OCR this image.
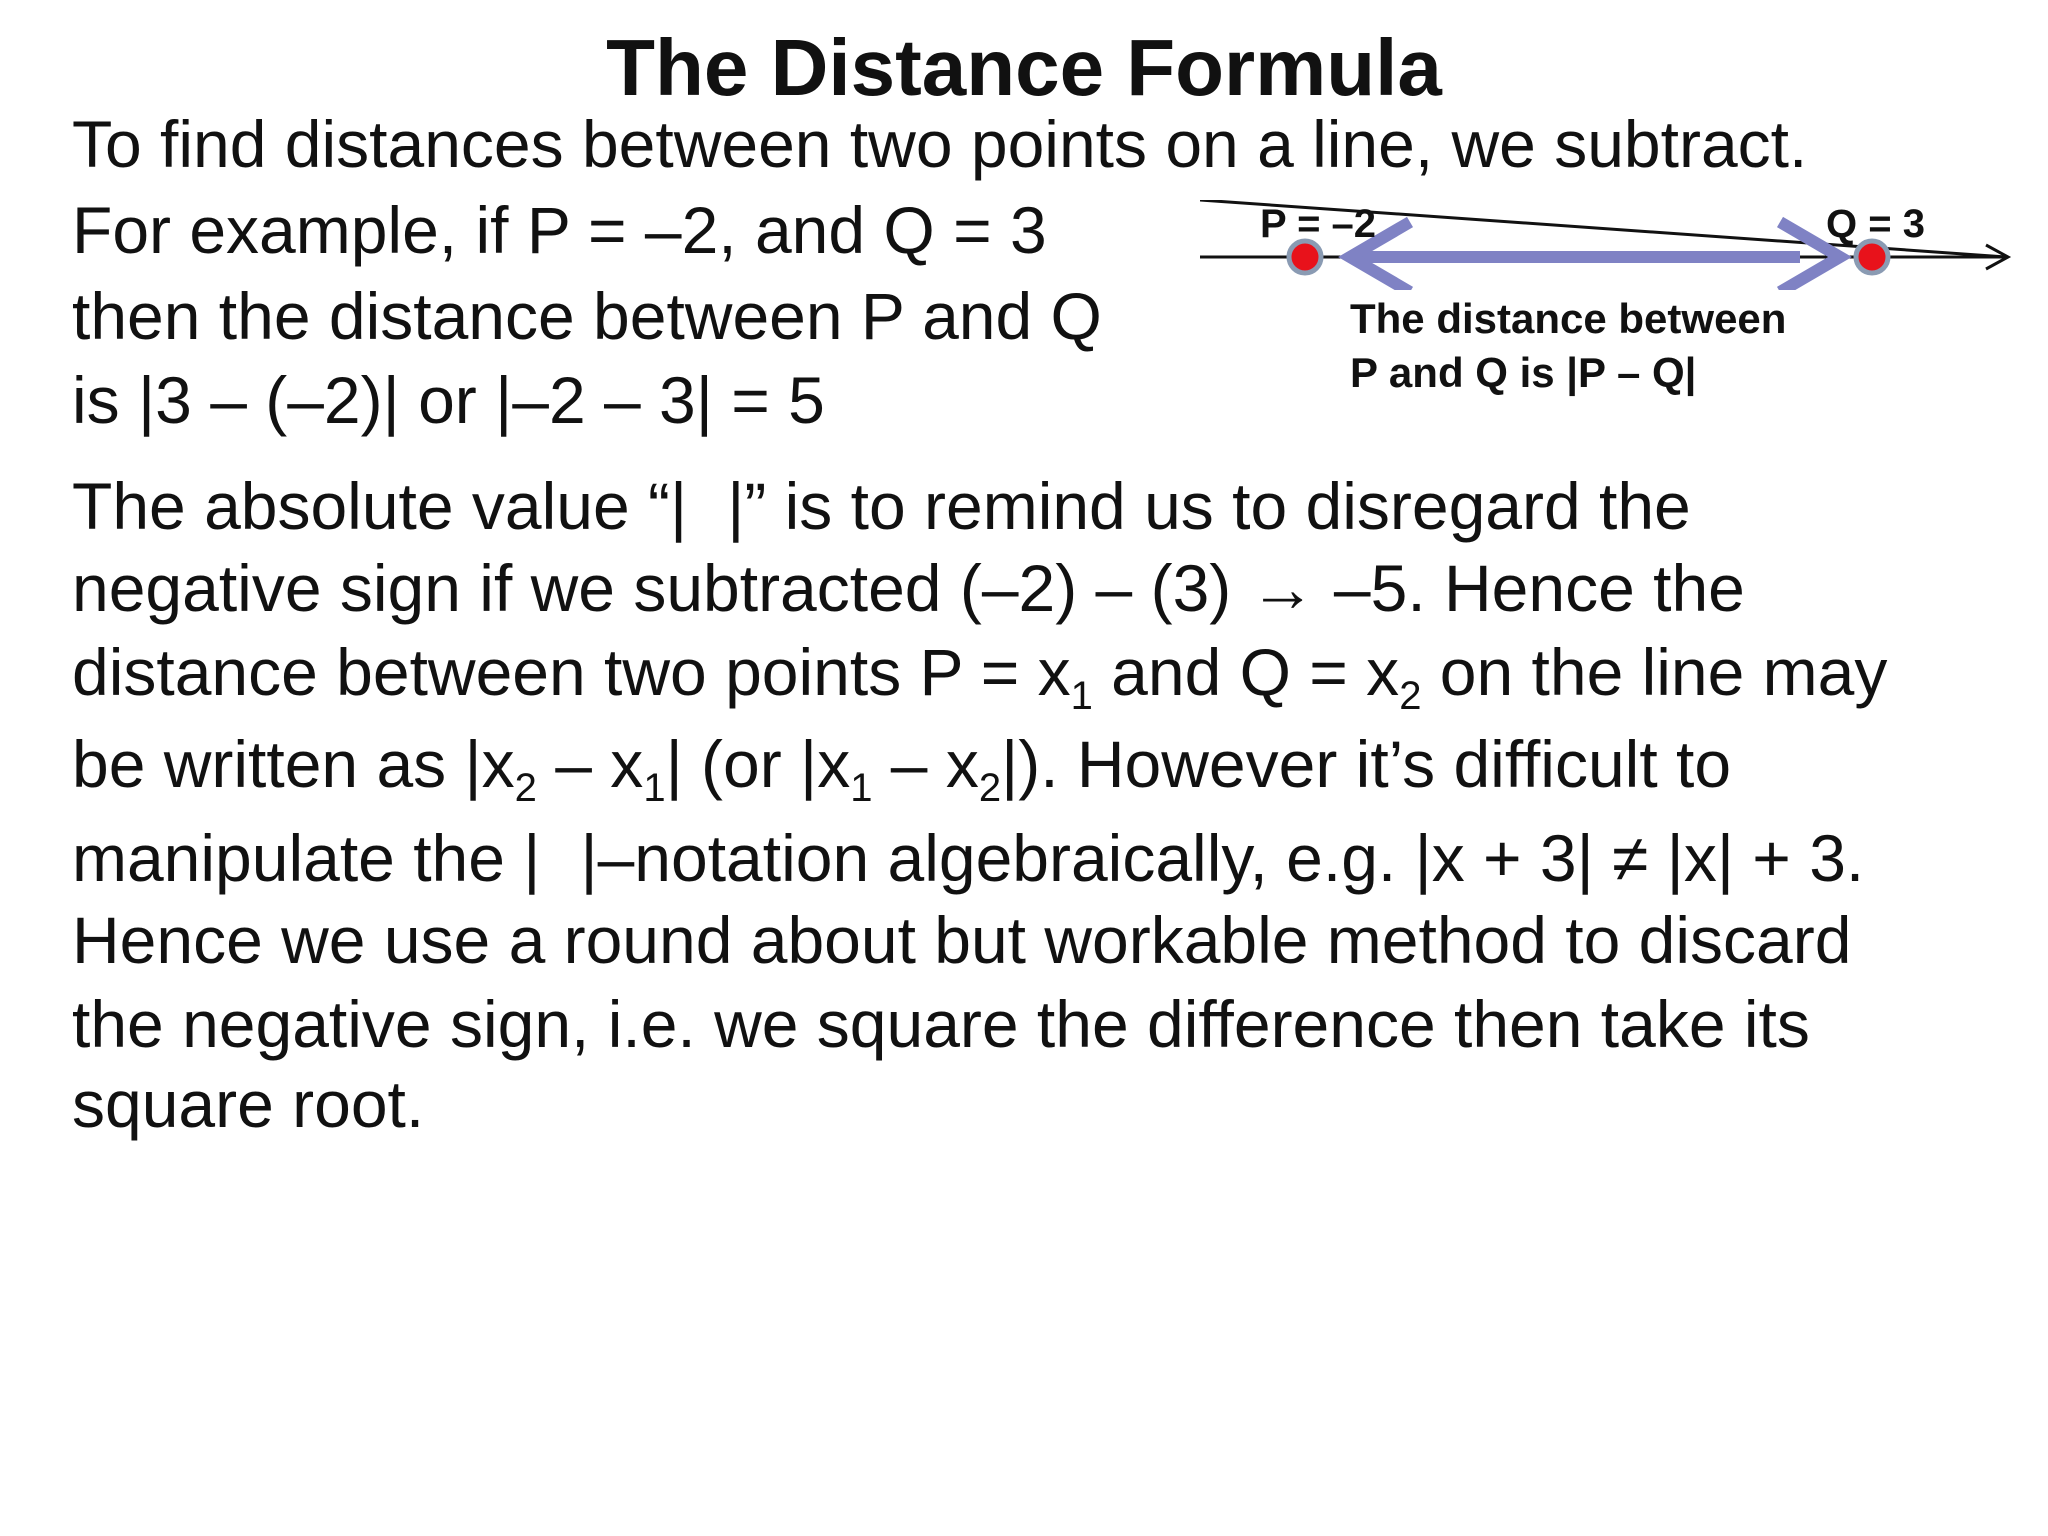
The Distance Formula
To find distances between two points on a line, we subtract.
For example, if P = –2, and Q = 3
then the distance between P and Q
is |3 – (–2)| or |–2 – 3| = 5
P = –2	Q = 3
The distance between
P and Q is |P – Q|
The absolute value “| |” is to remind us to disregard the
negative sign if we subtracted (–2) – (3) → –5. Hence the
distance between two points $P = x_1$ and $Q = x_2$ on the line may
be written as $|x_2 - x_1|$ (or $|x_1 - x_2|$). However it’s difficult to
manipulate the | |–notation algebraically, e.g. |x + 3| ≠ |x| + 3.
Hence we use a round about but workable method to discard
the negative sign, i.e. we square the difference then take its
square root.
